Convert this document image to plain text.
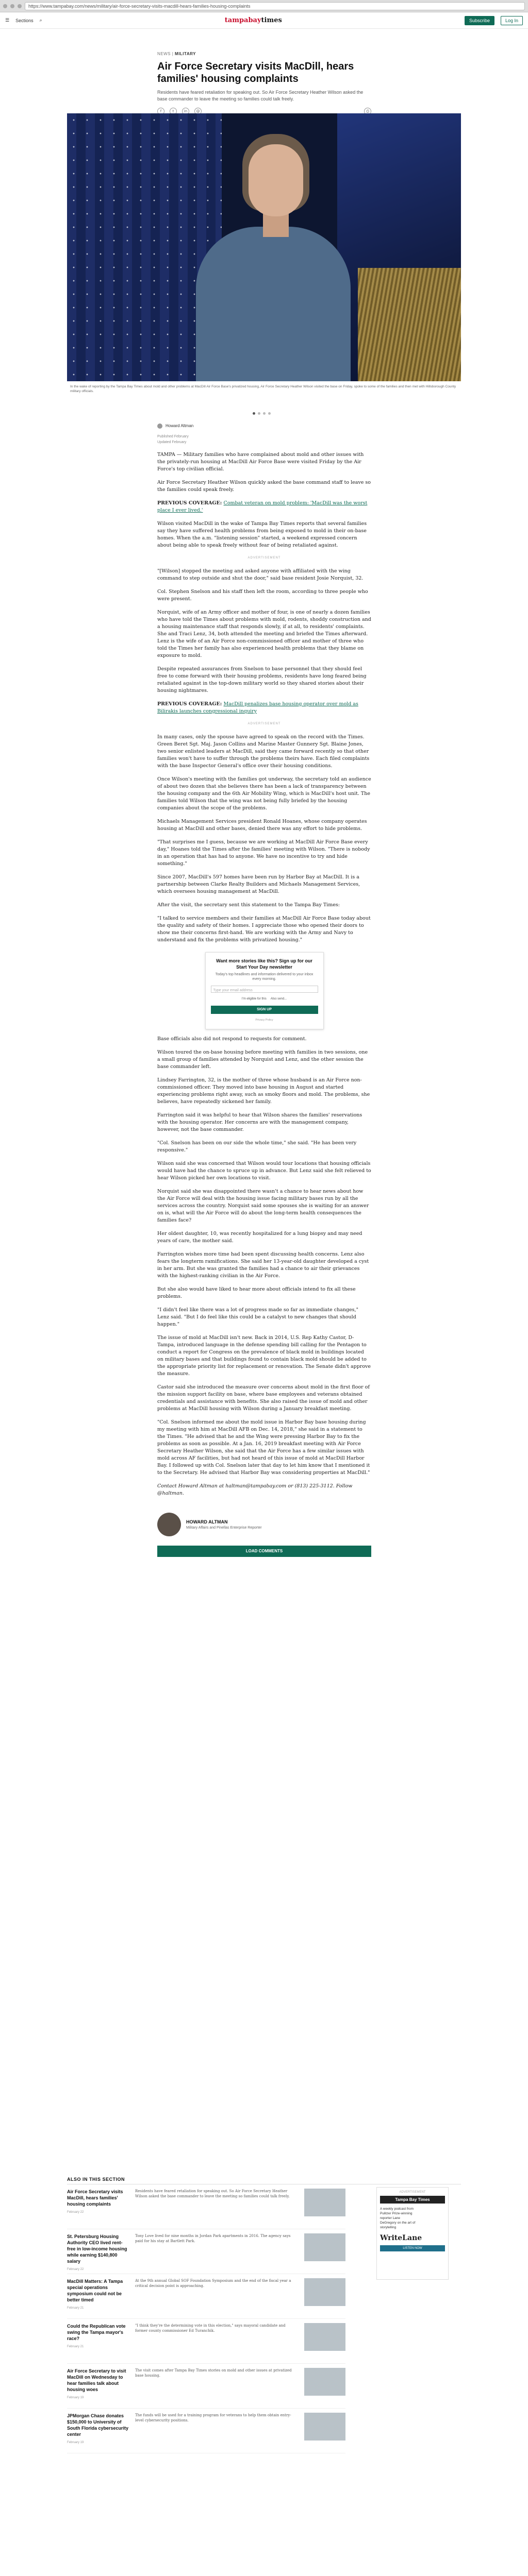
https://www.tampabay.com/news/military/air-force-secretary-visits-macdill-hears-families-housing-complaints
☰ Sections ⌕	tampabaytimes	Subscribe	Log In
NEWS | MILITARY
Air Force Secretary visits MacDill, hears families' housing complaints
Residents have feared retaliation for speaking out. So Air Force Secretary Heather Wilson asked the base commander to leave the meeting so families could talk freely.
f	t	in	@	⎙
In the wake of reporting by the Tampa Bay Times about mold and other problems at MacDill Air Force Base's privatized housing, Air Force Secretary Heather Wilson visited the base on Friday, spoke to some of the families and then met with Hillsborough County military officials.
Howard Altman
Published February
Updated February

TAMPA — Military families who have complained about mold and other issues with the privately-run housing at MacDill Air Force Base were visited Friday by the Air Force's top civilian official.

Air Force Secretary Heather Wilson quickly asked the base command staff to leave so the families could speak freely.

PREVIOUS COVERAGE: Combat veteran on mold problem: 'MacDill was the worst place I ever lived.'

Wilson visited MacDill in the wake of Tampa Bay Times reports that several families say they have suffered health problems from being exposed to mold in their on-base homes. When the a.m. "listening session" started, a weekend expressed concern about being able to speak freely without fear of being retaliated against.

ADVERTISEMENT

"[Wilson] stopped the meeting and asked anyone with affiliated with the wing command to step outside and shut the door," said base resident Josie Norquist, 32.

Col. Stephen Snelson and his staff then left the room, according to three people who were present.

Norquist, wife of an Army officer and mother of four, is one of nearly a dozen families who have told the Times about problems with mold, rodents, shoddy construction and a housing maintenance staff that responds slowly, if at all, to residents' complaints. She and Traci Lenz, 34, both attended the meeting and briefed the Times afterward. Lenz is the wife of an Air Force non-commissioned officer and mother of three who told the Times her family has also experienced health problems that they blame on exposure to mold.

Despite repeated assurances from Snelson to base personnel that they should feel free to come forward with their housing problems, residents have long feared being retaliated against in the top-down military world so they shared stories about their housing nightmares.

PREVIOUS COVERAGE: MacDill penalizes base housing operator over mold as Bilirakis launches congressional inquiry

ADVERTISEMENT

In many cases, only the spouse have agreed to speak on the record with the Times. Green Beret Sgt. Maj. Jason Collins and Marine Master Gunnery Sgt. Blaine Jones, two senior enlisted leaders at MacDill, said they came forward recently so that other families won't have to suffer through the problems theirs have. Each filed complaints with the base Inspector General's office over their housing conditions.

Once Wilson's meeting with the families got underway, the secretary told an audience of about two dozen that she believes there has been a lack of transparency between the housing company and the 6th Air Mobility Wing, which is MacDill's host unit. The families told Wilson that the wing was not being fully briefed by the housing companies about the scope of the problems.

Michaels Management Services president Ronald Hoanes, whose company operates housing at MacDill and other bases, denied there was any effort to hide problems.

"That surprises me I guess, because we are working at MacDill Air Force Base every day," Hoanes told the Times after the families' meeting with Wilson. "There is nobody in an operation that has had to anyone. We have no incentive to try and hide something."

Since 2007, MacDill's 597 homes have been run by Harbor Bay at MacDill. It is a partnership between Clarke Realty Builders and Michaels Management Services, which oversees housing management at MacDill.

After the visit, the secretary sent this statement to the Tampa Bay Times:

"I talked to service members and their families at MacDill Air Force Base today about the quality and safety of their homes. I appreciate those who opened their doors to show me their concerns first-hand. We are working with the Army and Navy to understand and fix the problems with privatized housing."

Want more stories like this? Sign up for our Start Your Day newsletter
Today's top headlines and information delivered to your inbox every morning.
Type your email address
I'm eligible for this Also send...
SIGN UP
Privacy Policy

Base officials also did not respond to requests for comment.

Wilson toured the on-base housing before meeting with families in two sessions, one a small group of families attended by Norquist and Lenz, and the other session the base commander left.

Lindsey Farrington, 32, is the mother of three whose husband is an Air Force non-commissioned officer. They moved into base housing in August and started experiencing problems right away, such as smoky floors and mold. The problems, she believes, have repeatedly sickened her family.

Farrington said it was helpful to hear that Wilson shares the families' reservations with the housing operator. Her concerns are with the management company, however, not the base commander.

"Col. Snelson has been on our side the whole time," she said. "He has been very responsive."

Wilson said she was concerned that Wilson would tour locations that housing officials would have had the chance to spruce up in advance. But Lenz said she felt relieved to hear Wilson picked her own locations to visit.

Norquist said she was disappointed there wasn't a chance to hear news about how the Air Force will deal with the housing issue facing military bases run by all the services across the country. Norquist said some spouses she is waiting for an answer on is, what will the Air Force will do about the long-term health consequences the families face?

Her oldest daughter, 10, was recently hospitalized for a lung biopsy and may need years of care, the mother said.

Farrington wishes more time had been spent discussing health concerns. Lenz also fears the longterm ramifications. She said her 13-year-old daughter developed a cyst in her arm. But she was granted the families had a chance to air their grievances with the highest-ranking civilian in the Air Force.

But she also would have liked to hear more about officials intend to fix all these problems.

"I didn't feel like there was a lot of progress made so far as immediate changes," Lenz said. "But I do feel like this could be a catalyst to new changes that should happen."

The issue of mold at MacDill isn't new. Back in 2014, U.S. Rep Kathy Castor, D-Tampa, introduced language in the defense spending bill calling for the Pentagon to conduct a report for Congress on the prevalence of black mold in buildings located on military bases and that buildings found to contain black mold should be added to the appropriate priority list for replacement or renovation. The Senate didn't approve the measure.

Castor said she introduced the measure over concerns about mold in the first floor of the mission support facility on base, where base employees and veterans obtained credentials and assistance with benefits. She also raised the issue of mold and other problems at MacDill housing with Wilson during a January breakfast meeting.

"Col. Snelson informed me about the mold issue in Harbor Bay base housing during my meeting with him at MacDill AFB on Dec. 14, 2018," she said in a statement to the Times. "He advised that he and the Wing were pressing Harbor Bay to fix the problems as soon as possible. At a Jan. 16, 2019 breakfast meeting with Air Force Secretary Heather Wilson, she said that the Air Force has a few similar issues with mold across AF facilities, but had not heard of this issue of mold at MacDill Harbor Bay. I followed up with Col. Snelson later that day to let him know that I mentioned it to the Secretary. He advised that Harbor Bay was considering properties at MacDill."

Contact Howard Altman at haltman@tampabay.com or (813) 225-3112. Follow @haltman.

HOWARD ALTMAN
Military Affairs and Pinellas Enterprise Reporter
LOAD COMMENTS
ALSO IN THIS SECTION
Air Force Secretary visits MacDill, hears families' housing complaints
February 22
Residents have feared retaliation for speaking out. So Air Force Secretary Heather Wilson asked the base commander to leave the meeting so families could talk freely.
St. Petersburg Housing Authority CEO lived rent-free in low-income housing while earning $140,800 salary
February 22
Tony Love lived for nine months in Jordan Park apartments in 2016. The agency says paid for his stay at Bartlett Park.
MacDill Matters: A Tampa special operations symposium could not be better timed
February 21
At the 9th annual Global SOF Foundation Symposium and the end of the fiscal year a critical decision point is approaching.
Could the Republican vote swing the Tampa mayor's race?
February 21
"I think they're the determining vote in this election," says mayoral candidate and former county commissioner Ed Turanchik.
Air Force Secretary to visit MacDill on Wednesday to hear families talk about housing woes
February 19
The visit comes after Tampa Bay Times stories on mold and other issues at privatized base housing.
JPMorgan Chase donates $150,000 to University of South Florida cybersecurity center
February 19
The funds will be used for a training program for veterans to help them obtain entry-level cybersecurity positions.
ADVERTISEMENT
Tampa Bay Times
A weekly podcast from Pulitzer Prize-winning reporter Lane DeGregory on the art of storytelling
WriteLane
LISTEN NOW
